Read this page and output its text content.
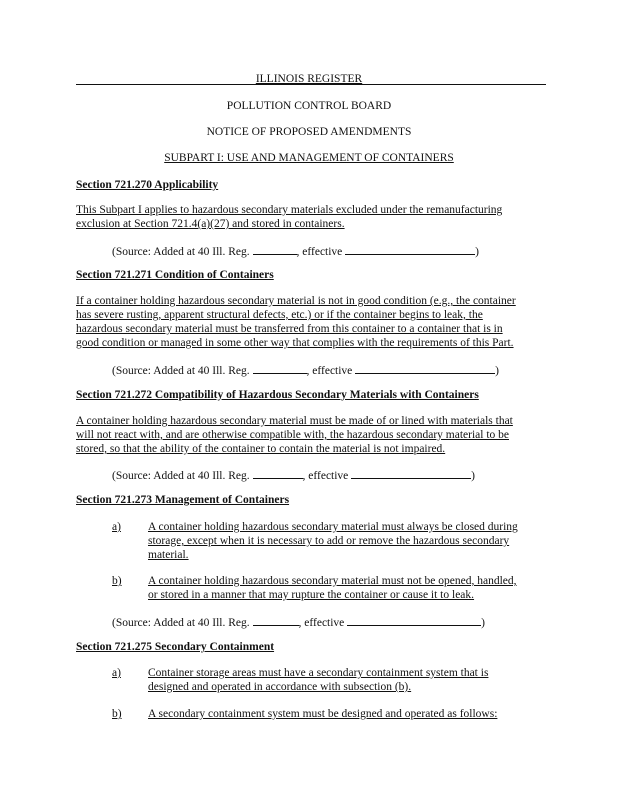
ILLINOIS REGISTER
POLLUTION CONTROL BOARD
NOTICE OF PROPOSED AMENDMENTS
SUBPART I: USE AND MANAGEMENT OF CONTAINERS
Section 721.270 Applicability
This Subpart I applies to hazardous secondary materials excluded under the remanufacturing
exclusion at Section 721.4(a)(27) and stored in containers.
(Source: Added at 40 Ill. Reg.	, effective	)
Section 721.271 Condition of Containers
If a container holding hazardous secondary material is not in good condition (e.g., the container
has severe rusting, apparent structural defects, etc.) or if the container begins to leak, the
hazardous secondary material must be transferred from this container to a container that is in
good condition or managed in some other way that complies with the requirements of this Part.
(Source: Added at 40 Ill. Reg.	, effective	)
Section 721.272 Compatibility of Hazardous Secondary Materials with Containers
A container holding hazardous secondary material must be made of or lined with materials that
will not react with, and are otherwise compatible with, the hazardous secondary material to be
stored, so that the ability of the container to contain the material is not impaired.
(Source: Added at 40 Ill. Reg.	, effective	)
Section 721.273 Management of Containers
a) A container holding hazardous secondary material must always be closed during
storage, except when it is necessary to add or remove the hazardous secondary
material.
b) A container holding hazardous secondary material must not be opened, handled,
or stored in a manner that may rupture the container or cause it to leak.
(Source: Added at 40 Ill. Reg.	, effective	)
Section 721.275 Secondary Containment
a) Container storage areas must have a secondary containment system that is
designed and operated in accordance with subsection (b).
b) A secondary containment system must be designed and operated as follows:
